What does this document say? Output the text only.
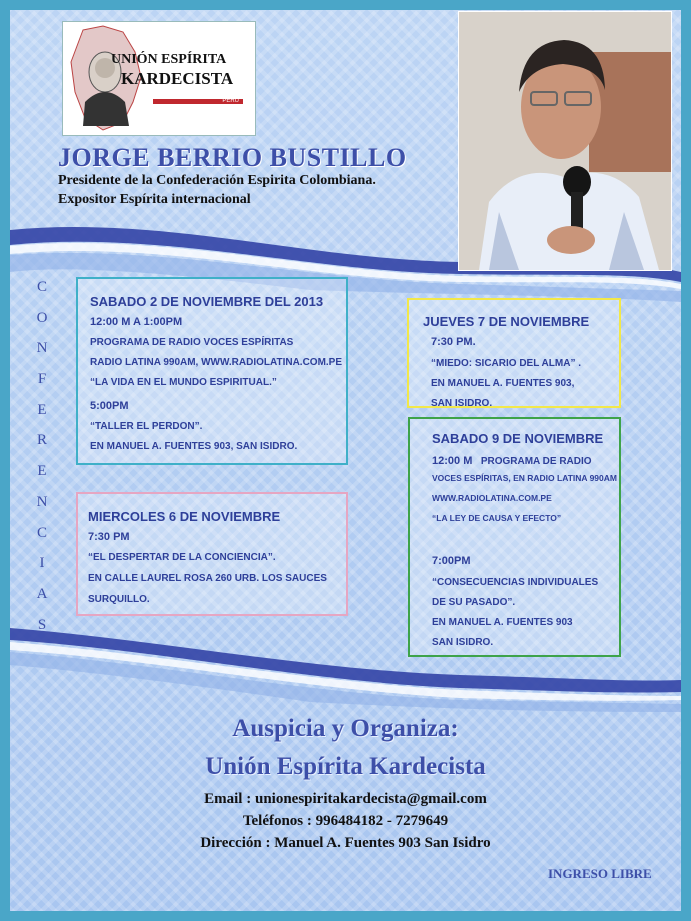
UNIÓN ESPÍRITA
KARDECISTA
PERU
JORGE BERRIO BUSTILLO
Presidente de la Confederación Espirita Colombiana.
Expositor Espírita internacional
C
O
N
F
E
R
E
N
C
I
A
S
SABADO 2 DE NOVIEMBRE DEL 2013
12:00 M A 1:00PM
PROGRAMA DE RADIO VOCES ESPÍRITAS
RADIO LATINA 990AM, WWW.RADIOLATINA.COM.PE
“LA VIDA EN EL MUNDO ESPIRITUAL.”
5:00PM
“TALLER EL PERDON”.
EN MANUEL A. FUENTES 903, SAN ISIDRO.
MIERCOLES 6 DE NOVIEMBRE
7:30 PM
“EL DESPERTAR DE LA CONCIENCIA”.
EN CALLE LAUREL ROSA 260 URB. LOS SAUCES
SURQUILLO.
JUEVES 7 DE NOVIEMBRE
7:30 PM.
“MIEDO: SICARIO DEL ALMA” .
EN MANUEL A. FUENTES 903,
SAN ISIDRO.
SABADO 9 DE NOVIEMBRE
12:00 M PROGRAMA DE RADIO
VOCES ESPÍRITAS, EN RADIO LATINA 990AM
WWW.RADIOLATINA.COM.PE
“LA LEY DE CAUSA Y EFECTO”
7:00PM
“CONSECUENCIAS INDIVIDUALES
DE SU PASADO”.
EN MANUEL A. FUENTES 903
SAN ISIDRO.
Auspicia y Organiza:
Unión Espírita Kardecista
Email : unionespiritakardecista@gmail.com
Teléfonos : 996484182 - 7279649
Dirección : Manuel A. Fuentes 903 San Isidro
INGRESO LIBRE
